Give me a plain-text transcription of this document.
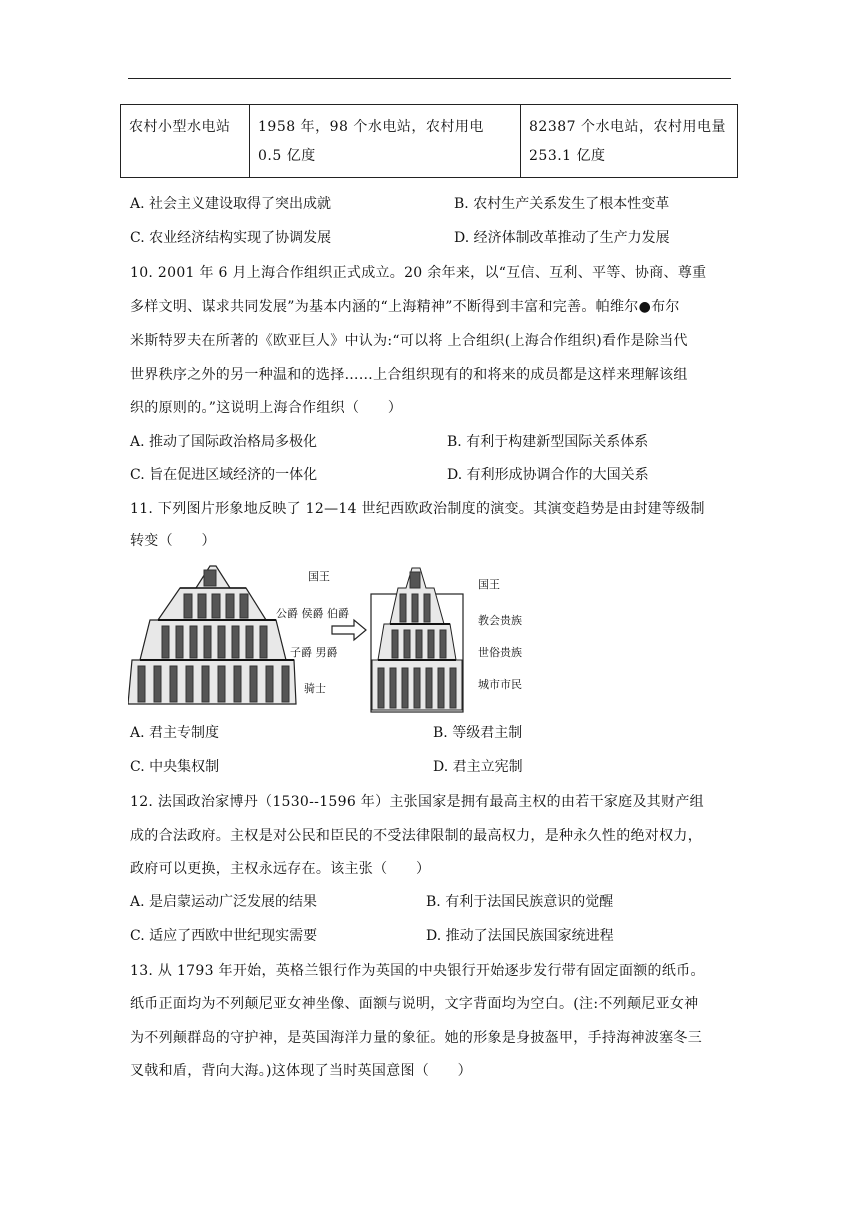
农村小型水电站	1958 年，98 个水电站，农村用电 0.5 亿度	82387 个水电站，农村用电量 253.1 亿度
A. 社会主义建设取得了突出成就	B. 农村生产关系发生了根本性变革
C. 农业经济结构实现了协调发展	D. 经济体制改革推动了生产力发展
10. 2001 年 6 月上海合作组织正式成立。20 余年来，以“互信、互利、平等、协商、尊重
多样文明、谋求共同发展”为基本内涵的“上海精神”不断得到丰富和完善。帕维尔●布尔
米斯特罗夫在所著的《欧亚巨人》中认为:“可以将 上合组织(上海合作组织)看作是除当代
世界秩序之外的另一种温和的选择……上合组织现有的和将来的成员都是这样来理解该组
织的原则的。”这说明上海合作组织（　　）
A. 推动了国际政治格局多极化	B. 有利于构建新型国际关系体系
C. 旨在促进区域经济的一体化	D. 有利形成协调合作的大国关系
11. 下列图片形象地反映了 12—14 世纪西欧政治制度的演变。其演变趋势是由封建等级制
转变（　　）
国王
公爵 侯爵 伯爵
子爵 男爵
骑士
国王
教会贵族
世俗贵族
城市市民
A. 君主专制度	B. 等级君主制
C. 中央集权制	D. 君主立宪制
12. 法国政治家博丹（1530--1596 年）主张国家是拥有最高主权的由若干家庭及其财产组
成的合法政府。主权是对公民和臣民的不受法律限制的最高权力，是种永久性的绝对权力，
政府可以更换，主权永远存在。该主张（　　）
A. 是启蒙运动广泛发展的结果	B. 有利于法国民族意识的觉醒
C. 适应了西欧中世纪现实需要	D. 推动了法国民族国家统进程
13. 从 1793 年开始，英格兰银行作为英国的中央银行开始逐步发行带有固定面额的纸币。
纸币正面均为不列颠尼亚女神坐像、面额与说明，文字背面均为空白。(注:不列颠尼亚女神
为不列颠群岛的守护神，是英国海洋力量的象征。她的形象是身披盔甲，手持海神波塞冬三
叉戟和盾，背向大海。)这体现了当时英国意图（　　）
